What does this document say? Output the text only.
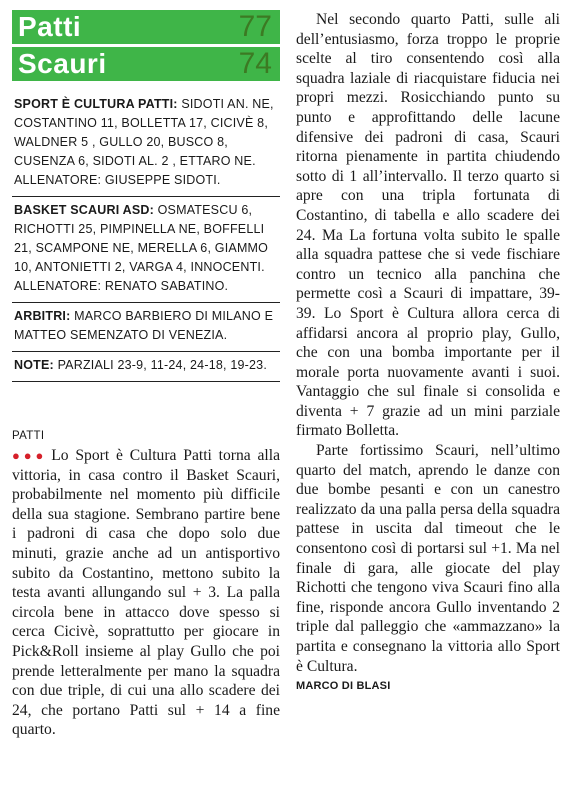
Patti	77
Scauri	74
SPORT È CULTURA PATTI: SIDOTI AN. NE, COSTANTINO 11, BOLLETTA 17, CICIVÈ 8, WALDNER 5 , GULLO 20, BUSCO 8, CUSENZA 6, SIDOTI AL. 2 , ETTARO NE. ALLENATORE: GIUSEPPE SIDOTI.
BASKET SCAURI ASD: OSMATESCU 6, RICHOTTI 25, PIMPINELLA NE, BOFFELLI 21, SCAMPONE NE, MERELLA 6, GIAMMO 10, ANTONIETTI 2, VARGA 4, INNOCENTI. ALLENATORE: RENATO SABATINO.
ARBITRI: MARCO BARBIERO DI MILANO E MATTEO SEMENZATO DI VENEZIA.
NOTE: PARZIALI 23-9, 11-24, 24-18, 19-23.
PATTI

●●● Lo Sport è Cultura Patti torna alla vittoria, in casa contro il Basket Scauri, probabilmente nel momento più difficile della sua stagione. Sembrano partire bene i padroni di casa che dopo solo due minuti, grazie anche ad un antisportivo subito da Costantino, mettono subito la testa avanti allungando sul + 3. La palla circola bene in attacco dove spesso si cerca Cicivè, soprattutto per giocare in Pick&Roll insieme al play Gullo che poi prende letteralmente per mano la squadra con due triple, di cui una allo scadere dei 24, che portano Patti sul + 14 a fine quarto.

Nel secondo quarto Patti, sulle ali dell’entusiasmo, forza troppo le proprie scelte al tiro consentendo così alla squadra laziale di riacquistare fiducia nei propri mezzi. Rosicchiando punto su punto e approfittando delle lacune difensive dei padroni di casa, Scauri ritorna pienamente in partita chiudendo sotto di 1 all’intervallo. Il terzo quarto si apre con una tripla fortunata di Costantino, di tabella e allo scadere dei 24. Ma La fortuna volta subito le spalle alla squadra pattese che si vede fischiare contro un tecnico alla panchina che permette così a Scauri di impattare, 39-39. Lo Sport è Cultura allora cerca di affidarsi ancora al proprio play, Gullo, che con una bomba importante per il morale porta nuovamente avanti i suoi. Vantaggio che sul finale si consolida e diventa + 7 grazie ad un mini parziale firmato Bolletta.

Parte fortissimo Scauri, nell’ultimo quarto del match, aprendo le danze con due bombe pesanti e con un canestro realizzato da una palla persa della squadra pattese in uscita dal timeout che le consentono così di portarsi sul +1. Ma nel finale di gara, alle giocate del play Richotti che tengono viva Scauri fino alla fine, risponde ancora Gullo inventando 2 triple dal palleggio che «ammazzano» la partita e consegnano la vittoria allo Sport è Cultura.

MARCO DI BLASI
